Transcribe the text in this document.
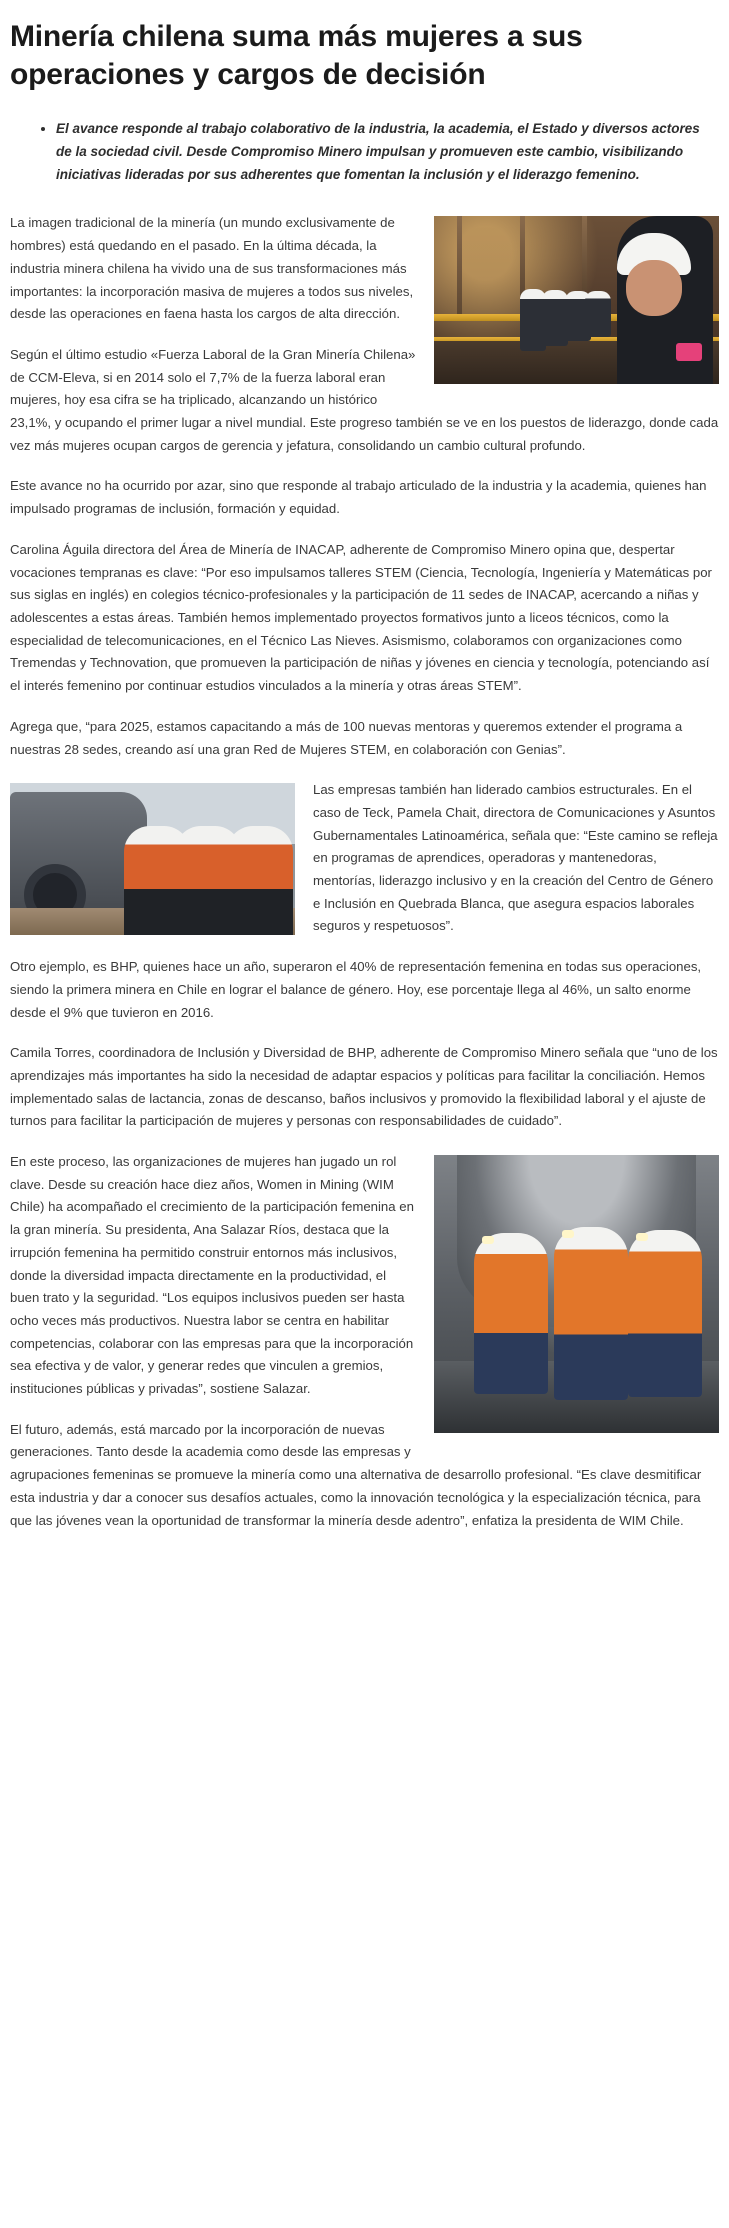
Minería chilena suma más mujeres a sus operaciones y cargos de decisión
• El avance responde al trabajo colaborativo de la industria, la academia, el Estado y diversos actores de la sociedad civil. Desde Compromiso Minero impulsan y promueven este cambio, visibilizando iniciativas lideradas por sus adherentes que fomentan la inclusión y el liderazgo femenino.

La imagen tradicional de la minería (un mundo exclusivamente de hombres) está quedando en el pasado. En la última década, la industria minera chilena ha vivido una de sus transformaciones más importantes: la incorporación masiva de mujeres a todos sus niveles, desde las operaciones en faena hasta los cargos de alta dirección.

Según el último estudio «Fuerza Laboral de la Gran Minería Chilena» de CCM-Eleva, si en 2014 solo el 7,7% de la fuerza laboral eran mujeres, hoy esa cifra se ha triplicado, alcanzando un histórico 23,1%, y ocupando el primer lugar a nivel mundial. Este progreso también se ve en los puestos de liderazgo, donde cada vez más mujeres ocupan cargos de gerencia y jefatura, consolidando un cambio cultural profundo.

Este avance no ha ocurrido por azar, sino que responde al trabajo articulado de la industria y la academia, quienes han impulsado programas de inclusión, formación y equidad.

Carolina Águila directora del Área de Minería de INACAP, adherente de Compromiso Minero opina que, despertar vocaciones tempranas es clave: “Por eso impulsamos talleres STEM (Ciencia, Tecnología, Ingeniería y Matemáticas por sus siglas en inglés) en colegios técnico-profesionales y la participación de 11 sedes de INACAP, acercando a niñas y adolescentes a estas áreas. También hemos implementado proyectos formativos junto a liceos técnicos, como la especialidad de telecomunicaciones, en el Técnico Las Nieves. Asismismo, colaboramos con organizaciones como Tremendas y Technovation, que promueven la participación de niñas y jóvenes en ciencia y tecnología, potenciando así el interés femenino por continuar estudios vinculados a la minería y otras áreas STEM”.

Agrega que, “para 2025, estamos capacitando a más de 100 nuevas mentoras y queremos extender el programa a nuestras 28 sedes, creando así una gran Red de Mujeres STEM, en colaboración con Genias”.

Las empresas también han liderado cambios estructurales. En el caso de Teck, Pamela Chait, directora de Comunicaciones y Asuntos Gubernamentales Latinoamérica, señala que: “Este camino se refleja en programas de aprendices, operadoras y mantenedoras, mentorías, liderazgo inclusivo y en la creación del Centro de Género e Inclusión en Quebrada Blanca, que asegura espacios laborales seguros y respetuosos”.

Otro ejemplo, es BHP, quienes hace un año, superaron el 40% de representación femenina en todas sus operaciones, siendo la primera minera en Chile en lograr el balance de género. Hoy, ese porcentaje llega al 46%, un salto enorme desde el 9% que tuvieron en 2016.

Camila Torres, coordinadora de Inclusión y Diversidad de BHP, adherente de Compromiso Minero señala que “uno de los aprendizajes más importantes ha sido la necesidad de adaptar espacios y políticas para facilitar la conciliación. Hemos implementado salas de lactancia, zonas de descanso, baños inclusivos y promovido la flexibilidad laboral y el ajuste de turnos para facilitar la participación de mujeres y personas con responsabilidades de cuidado”.

En este proceso, las organizaciones de mujeres han jugado un rol clave. Desde su creación hace diez años, Women in Mining (WIM Chile) ha acompañado el crecimiento de la participación femenina en la gran minería. Su presidenta, Ana Salazar Ríos, destaca que la irrupción femenina ha permitido construir entornos más inclusivos, donde la diversidad impacta directamente en la productividad, el buen trato y la seguridad. “Los equipos inclusivos pueden ser hasta ocho veces más productivos. Nuestra labor se centra en habilitar competencias, colaborar con las empresas para que la incorporación sea efectiva y de valor, y generar redes que vinculen a gremios, instituciones públicas y privadas”, sostiene Salazar.

El futuro, además, está marcado por la incorporación de nuevas generaciones. Tanto desde la academia como desde las empresas y agrupaciones femeninas se promueve la minería como una alternativa de desarrollo profesional. “Es clave desmitificar esta industria y dar a conocer sus desafíos actuales, como la innovación tecnológica y la especialización técnica, para que las jóvenes vean la oportunidad de transformar la minería desde adentro”, enfatiza la presidenta de WIM Chile.
